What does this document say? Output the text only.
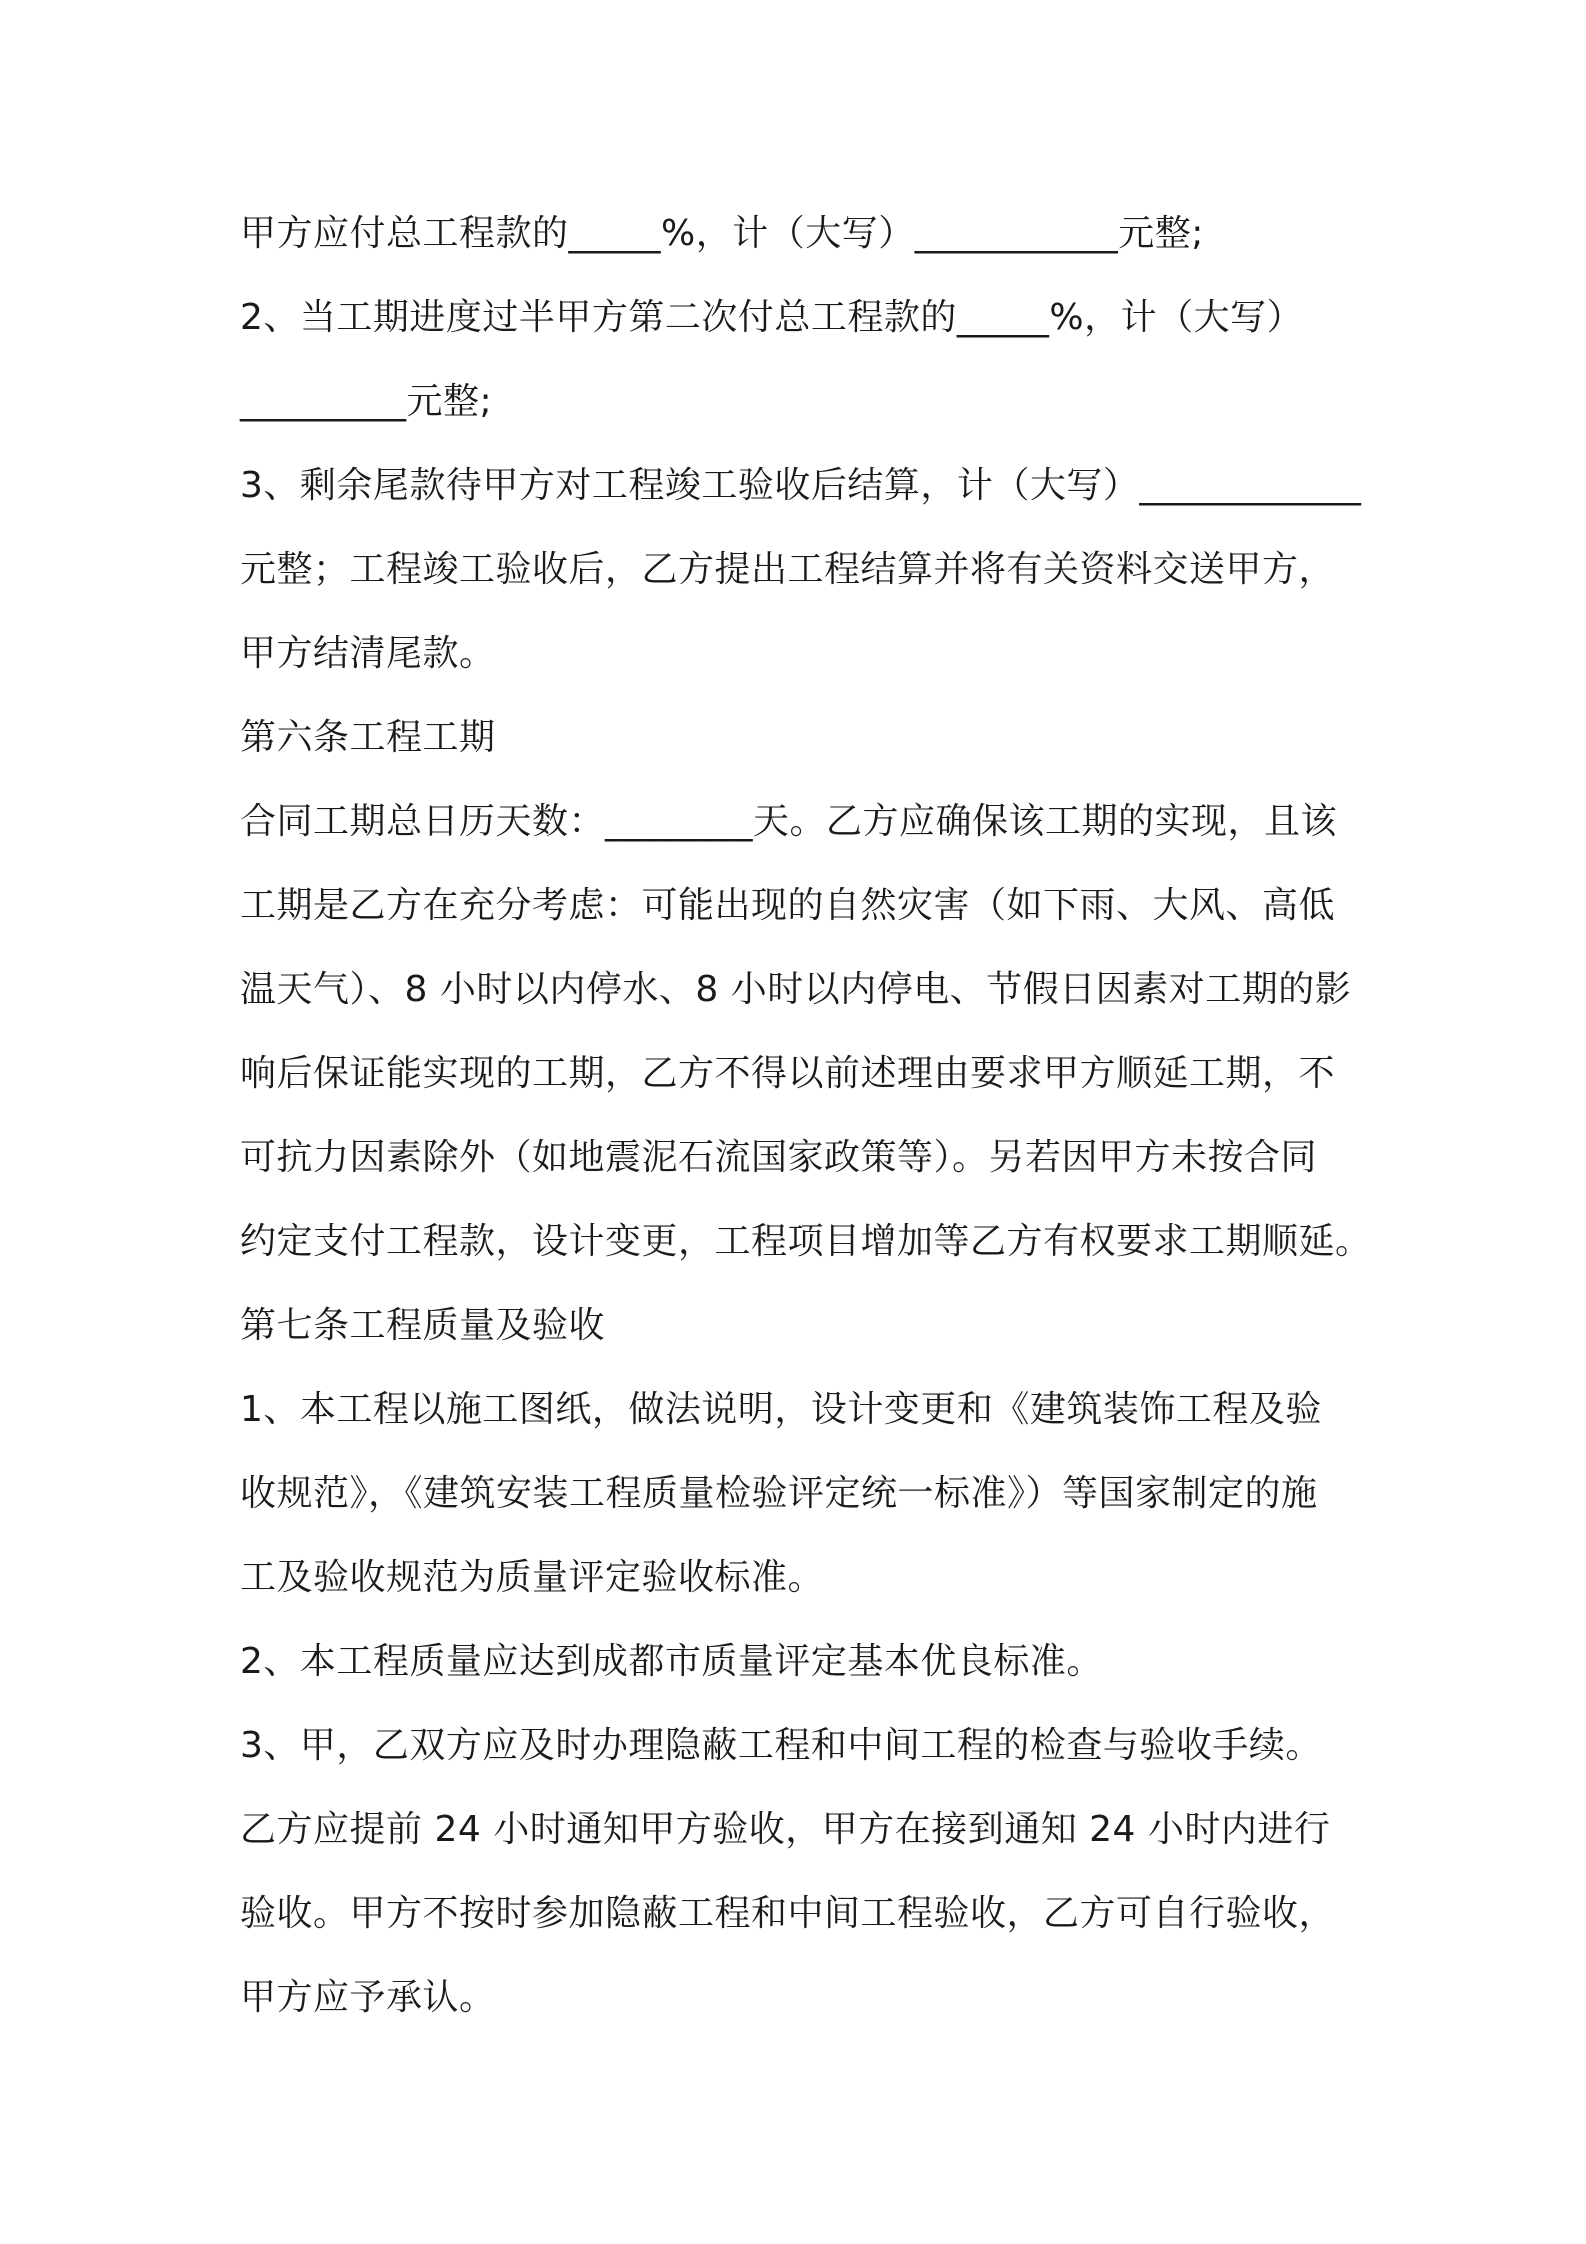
甲方应付总工程款的_____%，计（大写）___________元整;
2、当工期进度过半甲方第二次付总工程款的_____%，计（大写）
_________元整;
3、剩余尾款待甲方对工程竣工验收后结算，计（大写）____________
元整；工程竣工验收后，乙方提出工程结算并将有关资料交送甲方，
甲方结清尾款。
第六条工程工期
合同工期总日历天数：________天。乙方应确保该工期的实现，且该
工期是乙方在充分考虑：可能出现的自然灾害（如下雨、大风、高低
温天气）、8 小时以内停水、8 小时以内停电、节假日因素对工期的影
响后保证能实现的工期，乙方不得以前述理由要求甲方顺延工期，不
可抗力因素除外（如地震泥石流国家政策等）。另若因甲方未按合同
约定支付工程款，设计变更，工程项目增加等乙方有权要求工期顺延。
第七条工程质量及验收
1、本工程以施工图纸，做法说明，设计变更和《建筑装饰工程及验
收规范》，《建筑安装工程质量检验评定统一标准》）等国家制定的施
工及验收规范为质量评定验收标准。
2、本工程质量应达到成都市质量评定基本优良标准。
3、甲，乙双方应及时办理隐蔽工程和中间工程的检查与验收手续。
乙方应提前 24 小时通知甲方验收，甲方在接到通知 24 小时内进行
验收。甲方不按时参加隐蔽工程和中间工程验收，乙方可自行验收，
甲方应予承认。
